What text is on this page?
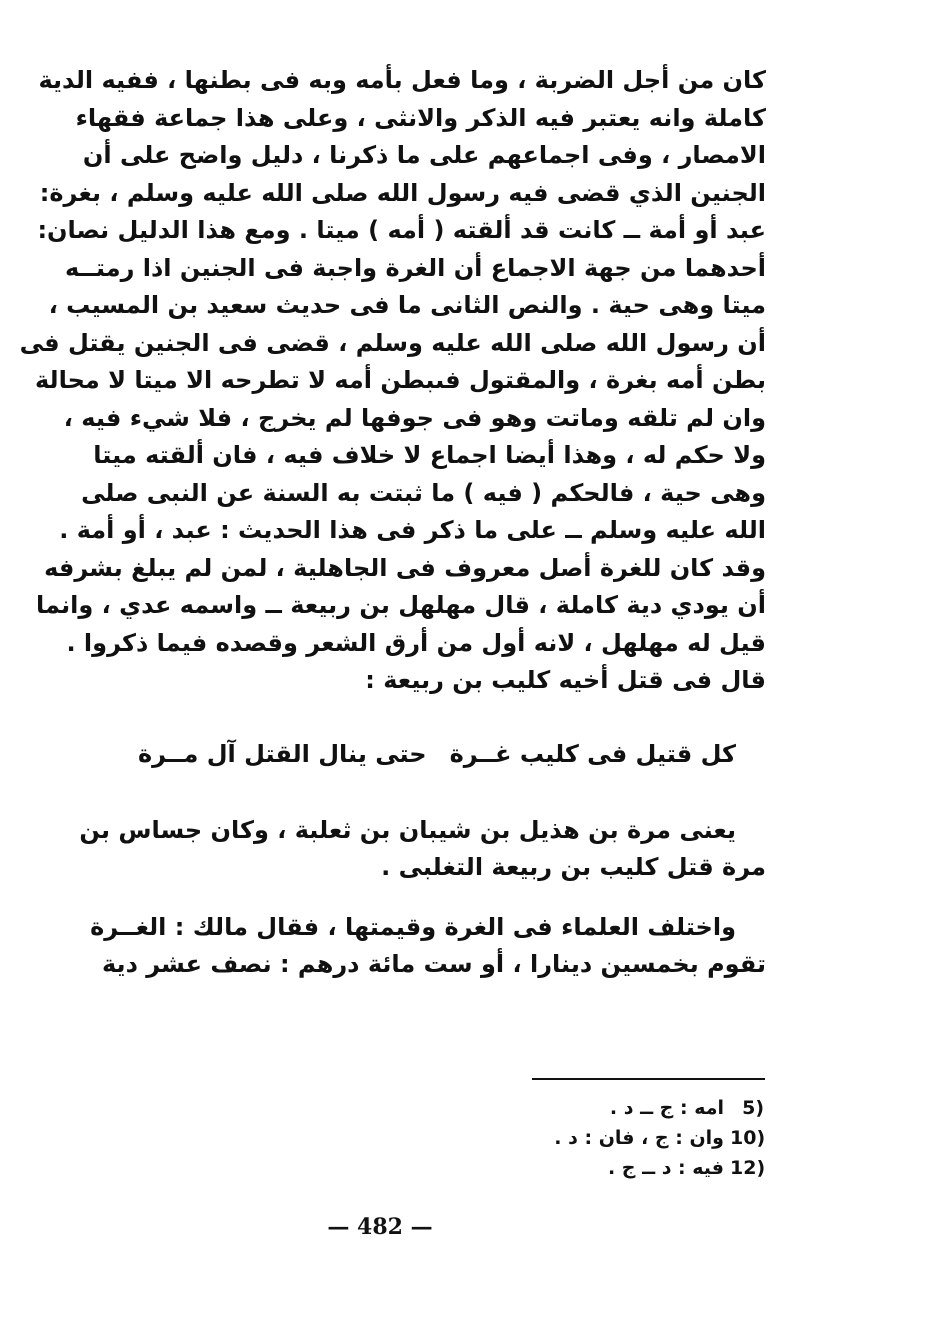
كان من أجل الضربة ، وما فعل بأمه وبه فى بطنها ، ففيه الدية
كاملة وانه يعتبر فيه الذكر والانثى ، وعلى هذا جماعة فقهاء
الامصار ، وفى اجماعهم على ما ذكرنا ، دليل واضح على أن
الجنين الذي قضى فيه رسول الله صلى الله عليه وسلم ، بغرة:
عبد أو أمة ــ كانت قد ألقته ( أمه ) ميتا . ومع هذا الدليل نصان:
أحدهما من جهة الاجماع أن الغرة واجبة فى الجنين اذا رمتــه
ميتا وهى حية . والنص الثانى ما فى حديث سعيد بن المسيب ،
أن رسول الله صلى الله عليه وسلم ، قضى فى الجنين يقتل فى
بطن أمه بغرة ، والمقتول فىبطن أمه لا تطرحه الا ميتا لا محالة
وان لم تلقه وماتت وهو فى جوفها لم يخرج ، فلا شيء فيه ،
ولا حكم له ، وهذا أيضا اجماع لا خلاف فيه ، فان ألقته ميتا
وهى حية ، فالحكم ( فيه ) ما ثبتت به السنة عن النبى صلى
الله عليه وسلم ــ على ما ذكر فى هذا الحديث : عبد ، أو أمة .
وقد كان للغرة أصل معروف فى الجاهلية ، لمن لم يبلغ بشرفه
أن يودي دية كاملة ، قال مهلهل بن ربيعة ــ واسمه عدي ، وانما
قيل له مهلهل ، لانه أول من أرق الشعر وقصده فيما ذكروا .
قال فى قتل أخيه كليب بن ربيعة :
كل قتيل فى كليب غــرة
حتى ينال القتل آل مــرة
يعنى مرة بن هذيل بن شيبان بن ثعلبة ، وكان جساس بن
مرة قتل كليب بن ربيعة التغلبى .
واختلف العلماء فى الغرة وقيمتها ، فقال مالك : الغــرة
تقوم بخمسين دينارا ، أو ست مائة درهم : نصف عشر دية
5)
امه : ج ــ د .
10)
وان : ج ، فان : د .
12)
فيه : د ــ ج .
— 482 —
